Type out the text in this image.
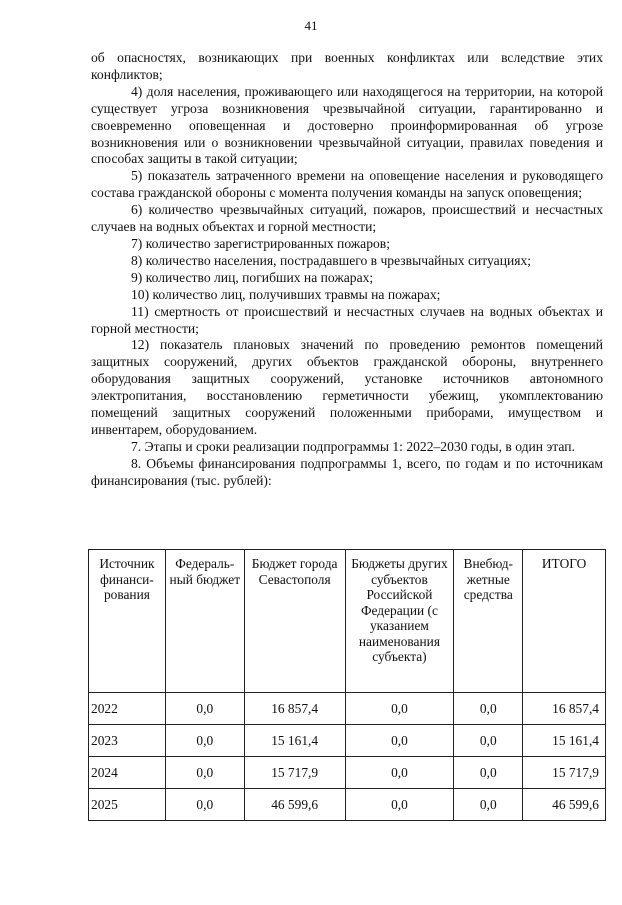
41

об опасностях, возникающих при военных конфликтах или вследствие этих конфликтов;

4) доля населения, проживающего или находящегося на территории, на которой существует угроза возникновения чрезвычайной ситуации, гарантированно и своевременно оповещенная и достоверно проинформированная об угрозе возникновения или о возникновении чрезвычайной ситуации, правилах поведения и способах защиты в такой ситуации;

5) показатель затраченного времени на оповещение населения и руководящего состава гражданской обороны с момента получения команды на запуск оповещения;

6) количество чрезвычайных ситуаций, пожаров, происшествий и несчастных случаев на водных объектах и горной местности;

7) количество зарегистрированных пожаров;

8) количество населения, пострадавшего в чрезвычайных ситуациях;

9) количество лиц, погибших на пожарах;

10) количество лиц, получивших травмы на пожарах;

11) смертность от происшествий и несчастных случаев на водных объектах и горной местности;

12) показатель плановых значений по проведению ремонтов помещений защитных сооружений, других объектов гражданской обороны, внутреннего оборудования защитных сооружений, установке источников автономного электропитания, восстановлению герметичности убежищ, укомплектованию помещений защитных сооружений положенными приборами, имуществом и инвентарем, оборудованием.

7. Этапы и сроки реализации подпрограммы 1: 2022–2030 годы, в один этап.

8. Объемы финансирования подпрограммы 1, всего, по годам и по источникам финансирования (тыс. рублей):

Источник финанси-рования	Федераль-ный бюджет	Бюджет города Севастополя	Бюджеты других субъектов Российской Федерации (с указанием наименования субъекта)	Внебюд-жетные средства	ИТОГО
2022	0,0	16 857,4	0,0	0,0	16 857,4
2023	0,0	15 161,4	0,0	0,0	15 161,4
2024	0,0	15 717,9	0,0	0,0	15 717,9
2025	0,0	46 599,6	0,0	0,0	46 599,6
